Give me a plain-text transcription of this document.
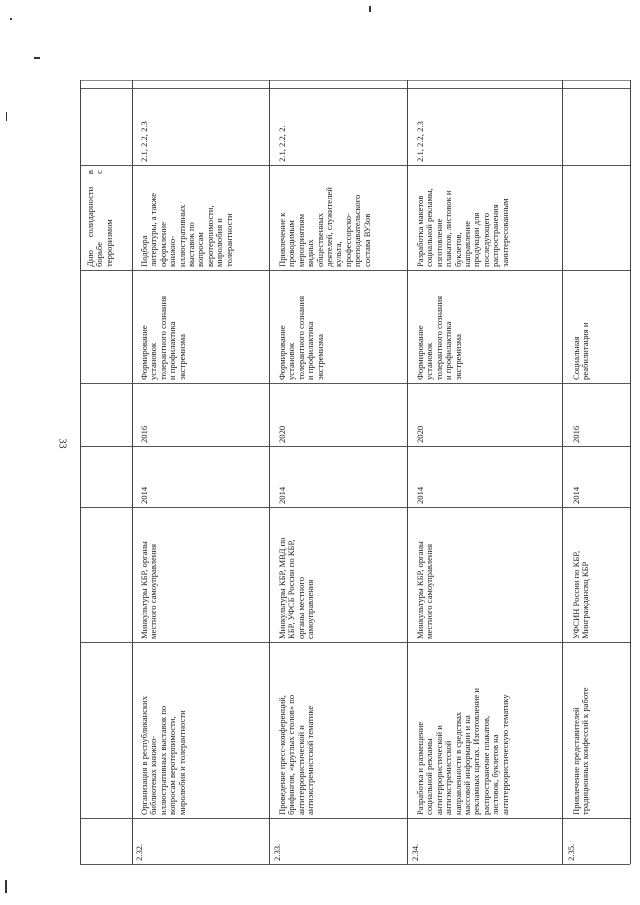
33
Дню солидарности в
борьбе с
терроризмом
2.32.
Организация в республиканских
библиотеках книжно-
иллюстративных выставок по
вопросам веротерпимости,
миролюбия и толерантности
Минкультуры КБР, органы
местного самоуправления
2014
2016
Формирование
установок
толерантного сознания
и профилактика
экстремизма
Подбора
литературы, а также
оформление
книжно-
иллюстративных
выставок по
вопросам
веротерпимости,
миролюбия и
толерантности
2.1, 2.2, 2.3
2.33.
Проведение пресс-конференций,
брифингов, «круглых столов» по
антитеррористической и
антиэкстремистской тематике
Минкультуры КБР, МВД по
КБР, УФСБ России по КБР,
органы местного
самоуправления
2014
2020
Формирование
установок
толерантного сознания
и профилактика
экстремизма
Привлечение к
проводимым
мероприятиям
видных
общественных
деятелей, служителей
культа,
профессорско-
преподавательского
состава ВУЗов
2.1, 2.2, 2.
2.34.
Разработка и размещение
социальной рекламы
антитеррористической и
антиэкстремистской
направленности в средствах
массовой информации и на
рекламных щитах. Изготовление и
распространение плакатов,
листовок, буклетов на
антитеррористическую тематику
Минкультуры КБР, органы
местного самоуправления
2014
2020
Формирование
установок
толерантного сознания
и профилактика
экстремизма
Разработка макетов
социальной рекламы,
изготовление
плакатов, листовок и
буклетов,
направление
продукции для
последующего
распространения
заинтересованным
2.1, 2.2, 2.3
2.35.
Привлечение представителей
традиционных конфессий к работе
УФСИН России по КБР,
Минграждансвц КБР
2014
2016
Социальная
реабилитация и
